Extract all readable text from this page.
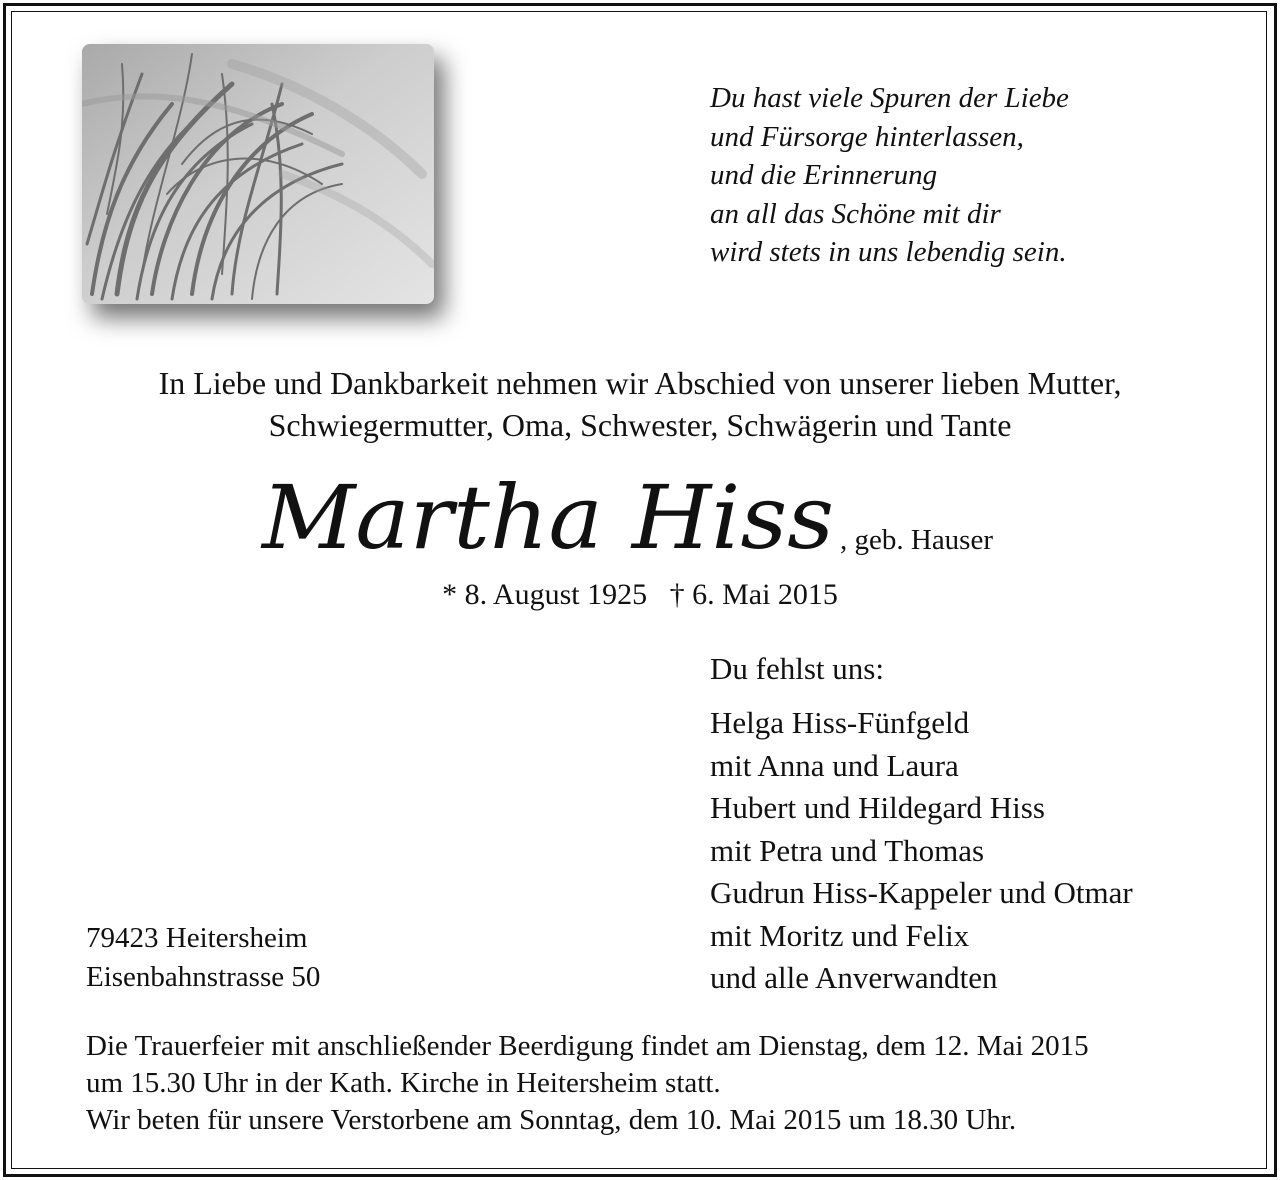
Du hast viele Spuren der Liebe
und Fürsorge hinterlassen,
und die Erinnerung
an all das Schöne mit dir
wird stets in uns lebendig sein.
In Liebe und Dankbarkeit nehmen wir Abschied von unserer lieben Mutter,
Schwiegermutter, Oma, Schwester, Schwägerin und Tante
Martha Hiss , geb. Hauser
* 8. August 1925 † 6. Mai 2015
Du fehlst uns:
Helga Hiss-Fünfgeld
mit Anna und Laura
Hubert und Hildegard Hiss
mit Petra und Thomas
Gudrun Hiss-Kappeler und Otmar
mit Moritz und Felix
und alle Anverwandten
79423 Heitersheim
Eisenbahnstrasse 50
Die Trauerfeier mit anschließender Beerdigung findet am Dienstag, dem 12. Mai 2015
um 15.30 Uhr in der Kath. Kirche in Heitersheim statt.
Wir beten für unsere Verstorbene am Sonntag, dem 10. Mai 2015 um 18.30 Uhr.
